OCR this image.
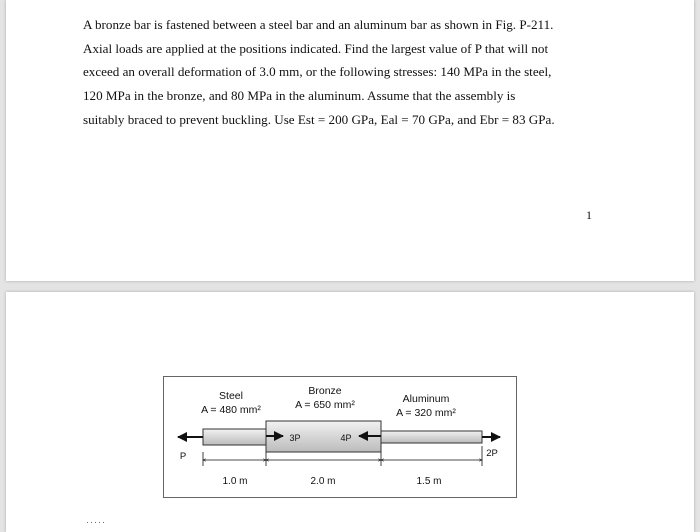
A bronze bar is fastened between a steel bar and an aluminum bar as shown in Fig. P-211.
Axial loads are applied at the positions indicated. Find the largest value of P that will not
exceed an overall deformation of 3.0 mm, or the following stresses: 140 MPa in the steel,
120 MPa in the bronze, and 80 MPa in the aluminum. Assume that the assembly is
suitably braced to prevent buckling. Use Est = 200 GPa, Eal = 70 GPa, and Ebr = 83 GPa.
1
Steel
A = 480 mm²
Bronze
A = 650 mm²	Aluminum
A = 320 mm²
3P	4P
P	2P
1.0 m	2.0 m	1.5 m
·····
